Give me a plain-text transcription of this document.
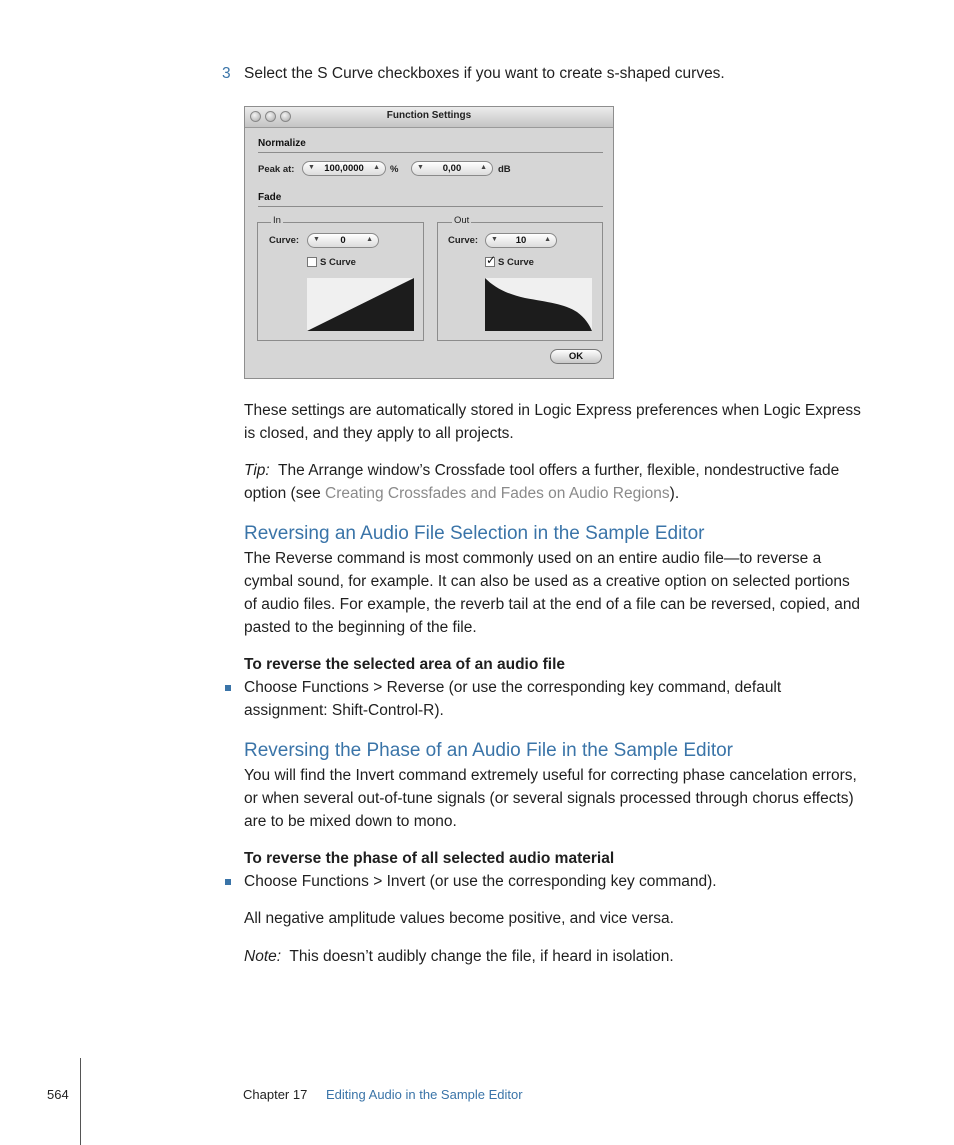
3 Select the S Curve checkboxes if you want to create s-shaped curves.
Function Settings
Normalize
Peak at: ▼ 100,0000	▲ %	▼	0,00	▲ dB
Fade
In
Curve: ▼	0	▲
S Curve
Out
Curve: ▼	10	▲
✓ S Curve
OK
These settings are automatically stored in Logic Express preferences when Logic Express
is closed, and they apply to all projects.
Tip: The Arrange window’s Crossfade tool offers a further, flexible, nondestructive fade
option (see Creating Crossfades and Fades on Audio Regions).
Reversing an Audio File Selection in the Sample Editor
The Reverse command is most commonly used on an entire audio file—to reverse a
cymbal sound, for example. It can also be used as a creative option on selected portions
of audio files. For example, the reverb tail at the end of a file can be reversed, copied, and
pasted to the beginning of the file.
To reverse the selected area of an audio file
Choose Functions > Reverse (or use the corresponding key command, default
assignment: Shift-Control-R).
Reversing the Phase of an Audio File in the Sample Editor
You will find the Invert command extremely useful for correcting phase cancelation errors,
or when several out-of-tune signals (or several signals processed through chorus effects)
are to be mixed down to mono.
To reverse the phase of all selected audio material
Choose Functions > Invert (or use the corresponding key command).
All negative amplitude values become positive, and vice versa.
Note: This doesn’t audibly change the file, if heard in isolation.
564	Chapter 17 Editing Audio in the Sample Editor
